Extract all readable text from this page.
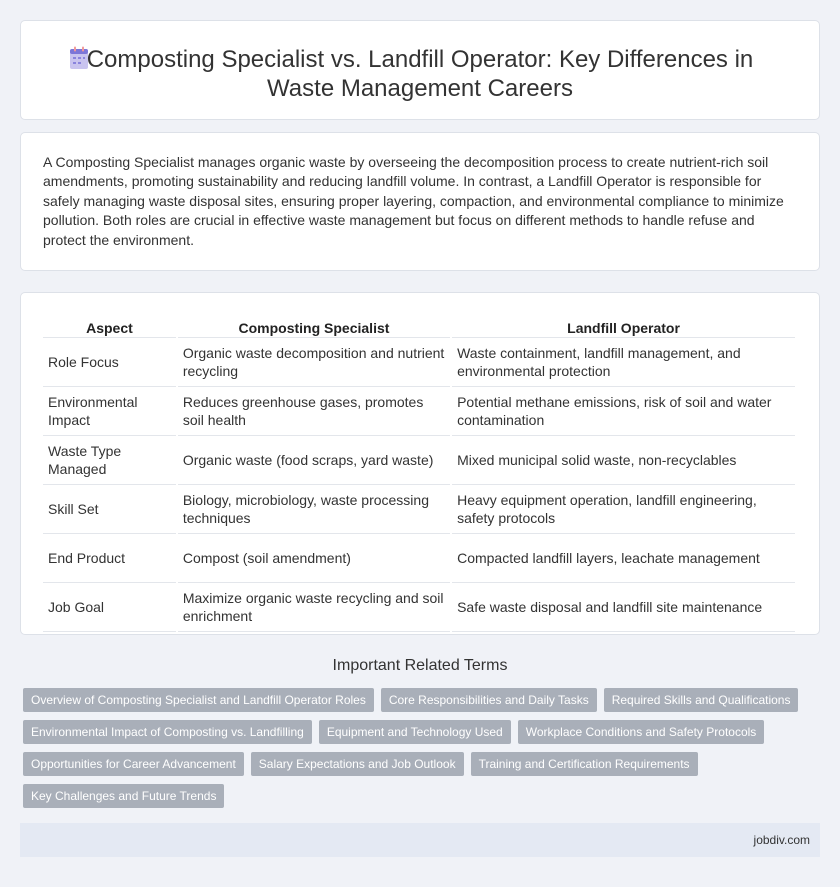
Composting Specialist vs. Landfill Operator: Key Differences in Waste Management Careers

A Composting Specialist manages organic waste by overseeing the decomposition process to create nutrient-rich soil amendments, promoting sustainability and reducing landfill volume. In contrast, a Landfill Operator is responsible for safely managing waste disposal sites, ensuring proper layering, compaction, and environmental compliance to minimize pollution. Both roles are crucial in effective waste management but focus on different methods to handle refuse and protect the environment.

Aspect	Composting Specialist	Landfill Operator
Role Focus	Organic waste decomposition and nutrient recycling	Waste containment, landfill management, and environmental protection
Environmental Impact	Reduces greenhouse gases, promotes soil health	Potential methane emissions, risk of soil and water contamination
Waste Type Managed	Organic waste (food scraps, yard waste)	Mixed municipal solid waste, non-recyclables
Skill Set	Biology, microbiology, waste processing techniques	Heavy equipment operation, landfill engineering, safety protocols
End Product	Compost (soil amendment)	Compacted landfill layers, leachate management
Job Goal	Maximize organic waste recycling and soil enrichment	Safe waste disposal and landfill site maintenance
Important Related Terms
Overview of Composting Specialist and Landfill Operator Roles	Core Responsibilities and Daily Tasks	Required Skills and Qualifications
Environmental Impact of Composting vs. Landfilling	Equipment and Technology Used	Workplace Conditions and Safety Protocols
Opportunities for Career Advancement	Salary Expectations and Job Outlook	Training and Certification Requirements
Key Challenges and Future Trends
jobdiv.com
